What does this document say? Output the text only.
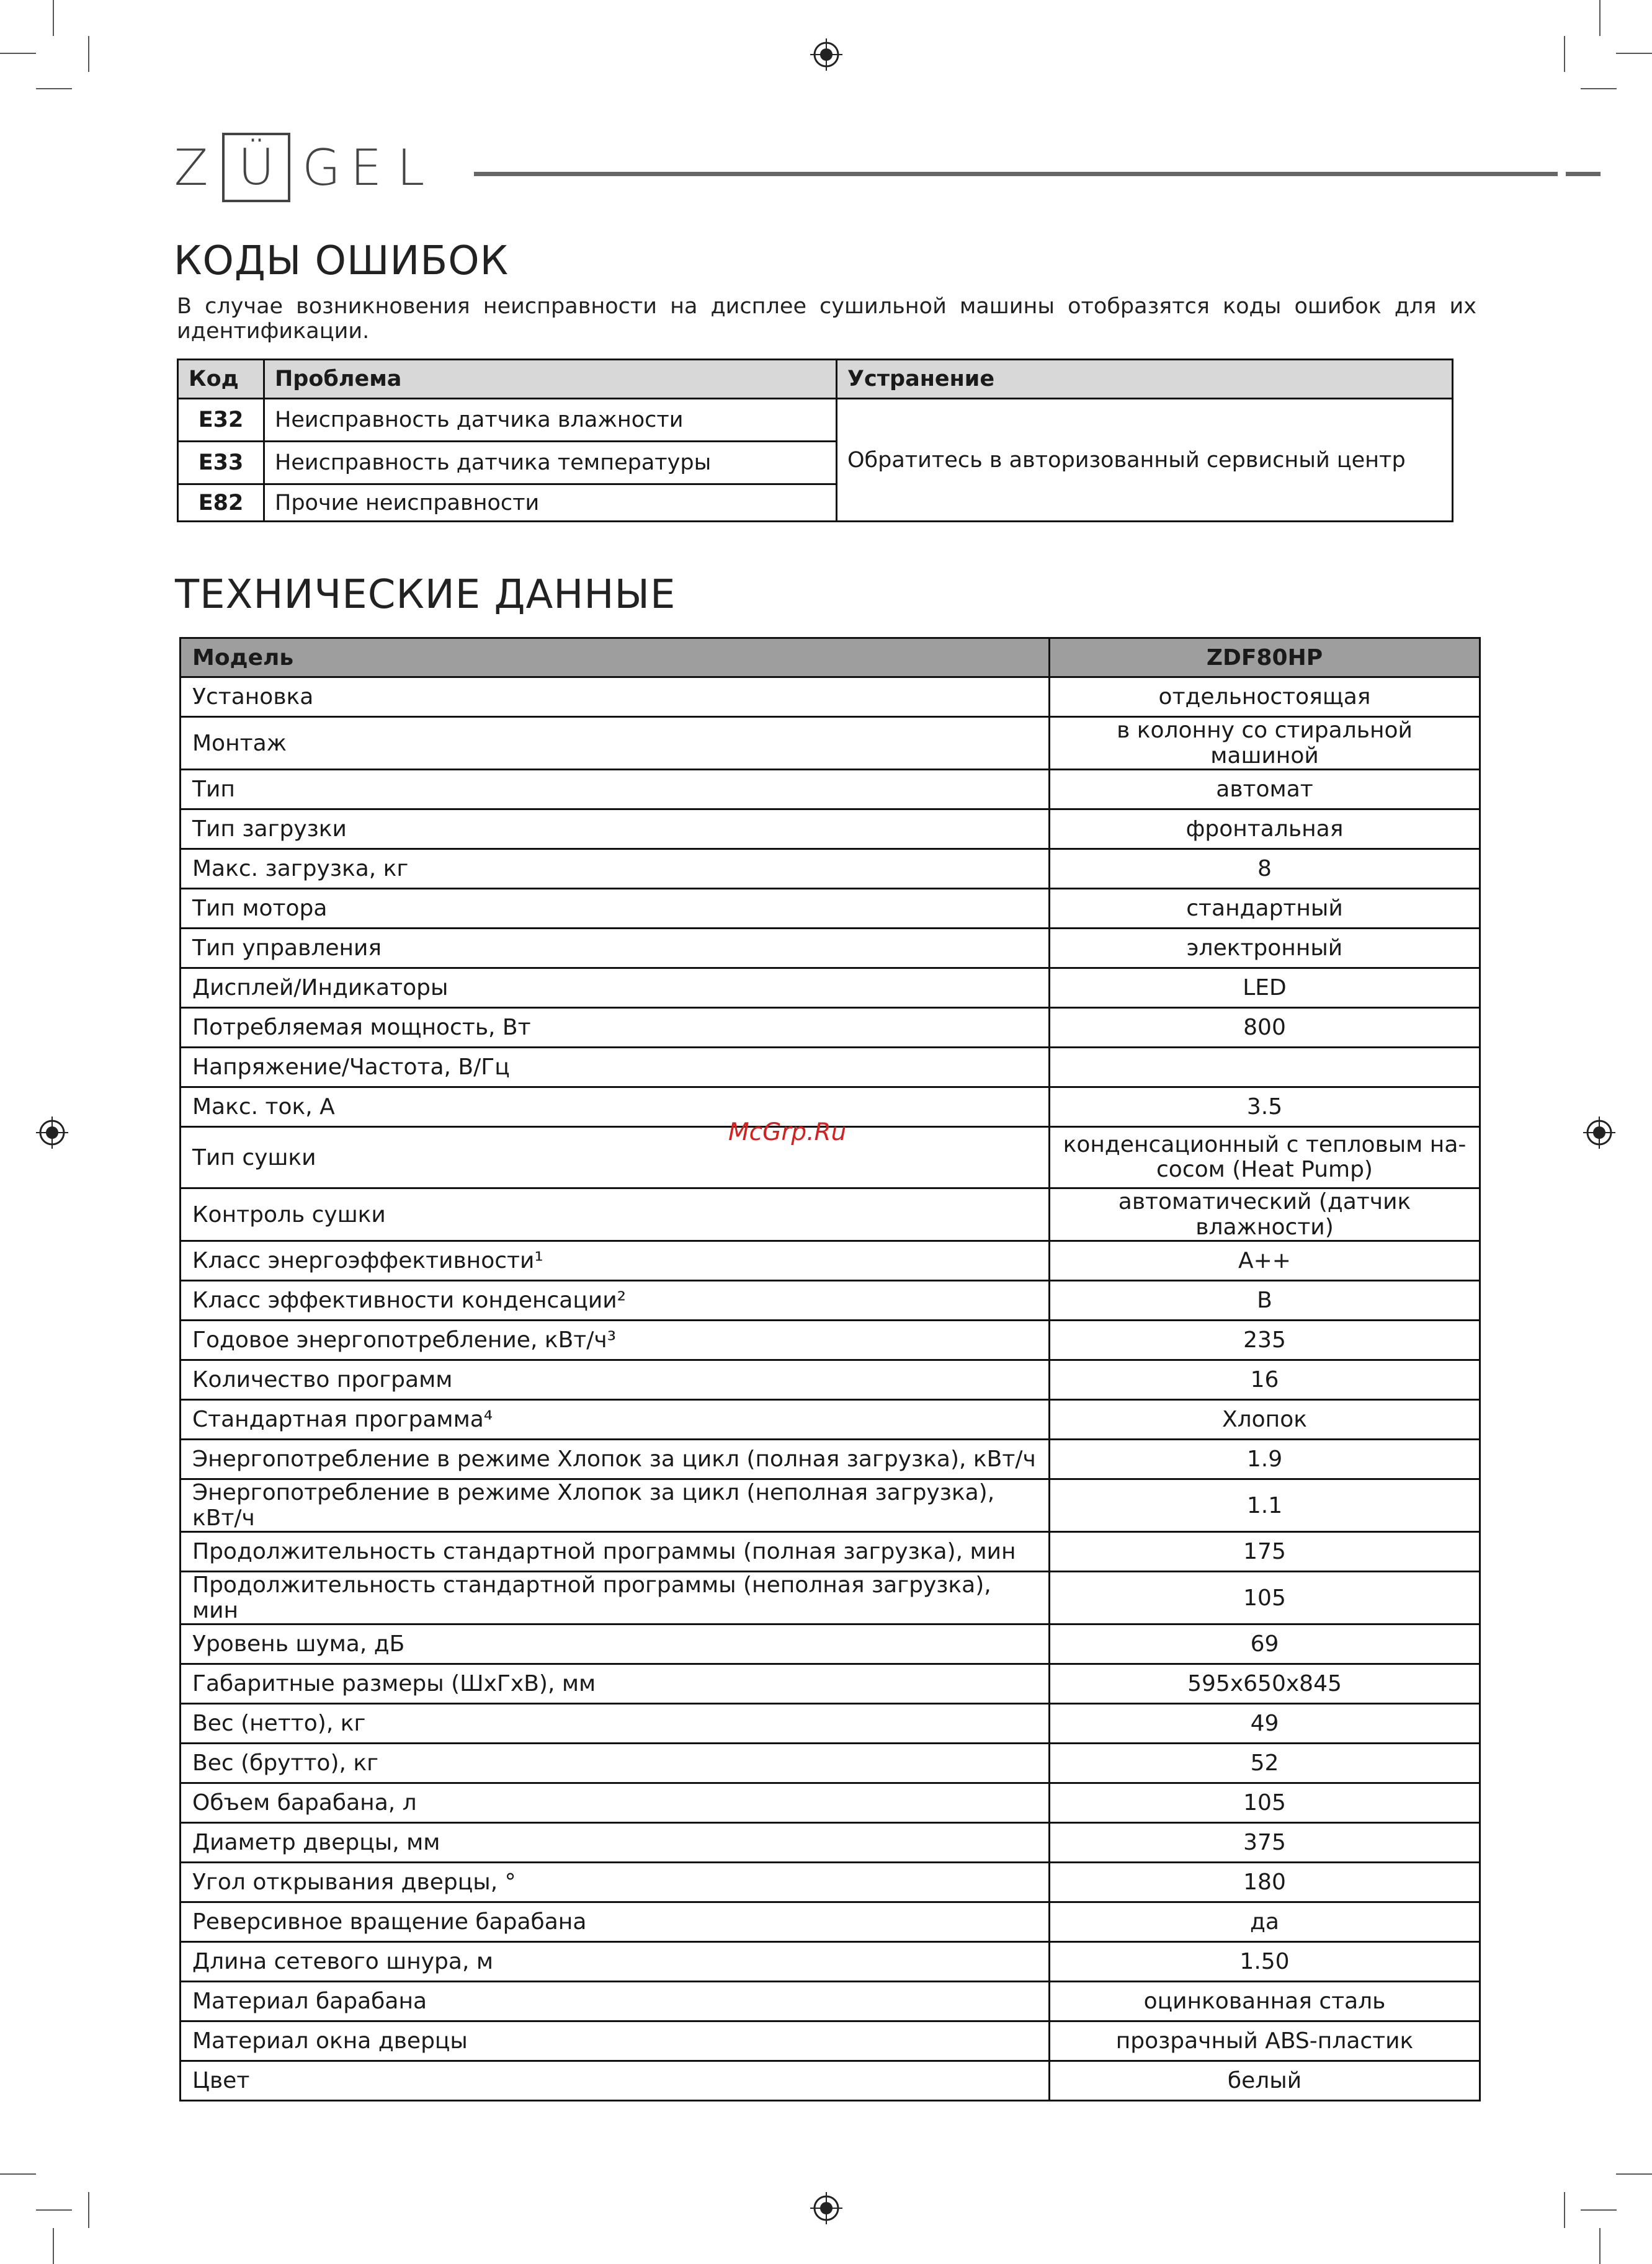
Z Ü G E L
КОДЫ ОШИБОК
В случае возникновения неисправности на дисплее сушильной машины отобразятся коды ошибок для их идентификации.
Код	Проблема	Устранение
E32	Неисправность датчика влажности	Обратитесь в авторизованный сервисный центр
E33	Неисправность датчика температуры	
E82	Прочие неисправности	
ТЕХНИЧЕСКИЕ ДАННЫЕ
Модель	ZDF80HP
Установка	отдельностоящая
Монтаж	в колонну со стиральной машиной
Тип	автомат
Тип загрузки	фронтальная
Макс. загрузка, кг	8
Тип мотора	стандартный
Тип управления	электронный
Дисплей/Индикаторы	LED
Потребляемая мощность, Вт	800
Напряжение/Частота, В/Гц	
Макс. ток, А	3.5
Тип сушки	конденсационный с тепловым на-
сосом (Heat Pump)
Контроль сушки	автоматический (датчик влажности)
Класс энергоэффективности¹	A++
Класс эффективности конденсации²	B
Годовое энергопотребление, кВт/ч³	235
Количество программ	16
Стандартная программа⁴	Хлопок
Энергопотребление в режиме Хлопок за цикл (полная загрузка), кВт/ч	1.9
Энергопотребление в режиме Хлопок за цикл (неполная загрузка), кВт/ч	1.1
Продолжительность стандартной программы (полная загрузка), мин	175
Продолжительность стандартной программы (неполная загрузка), мин	105
Уровень шума, дБ	69
Габаритные размеры (ШхГхВ), мм	595x650x845
Вес (нетто), кг	49
Вес (брутто), кг	52
Объем барабана, л	105
Диаметр дверцы, мм	375
Угол открывания дверцы, °	180
Реверсивное вращение барабана	да
Длина сетевого шнура, м	1.50
Материал барабана	оцинкованная сталь
Материал окна дверцы	прозрачный ABS-пластик
Цвет	белый
McGrp.Ru
